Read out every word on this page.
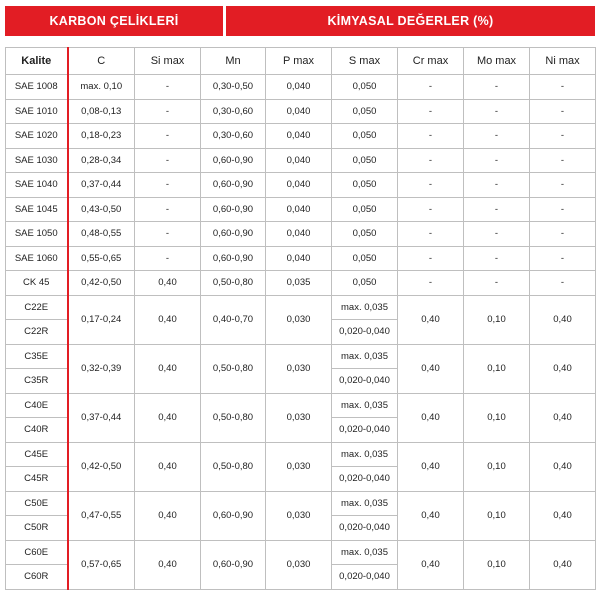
KARBON ÇELİKLERİ	KİMYASAL DEĞERLER (%)
Kalite	C	Si max	Mn	P max	S max	Cr max	Mo max	Ni max
SAE 1008	max. 0,10	-	0,30-0,50	0,040	0,050	-	-	-
SAE 1010	0,08-0,13	-	0,30-0,60	0,040	0,050	-	-	-
SAE 1020	0,18-0,23	-	0,30-0,60	0,040	0,050	-	-	-
SAE 1030	0,28-0,34	-	0,60-0,90	0,040	0,050	-	-	-
SAE 1040	0,37-0,44	-	0,60-0,90	0,040	0,050	-	-	-
SAE 1045	0,43-0,50	-	0,60-0,90	0,040	0,050	-	-	-
SAE 1050	0,48-0,55	-	0,60-0,90	0,040	0,050	-	-	-
SAE 1060	0,55-0,65	-	0,60-0,90	0,040	0,050	-	-	-
CK 45	0,42-0,50	0,40	0,50-0,80	0,035	0,050	-	-	-
C22E	0,17-0,24	0,40	0,40-0,70	0,030	max. 0,035	0,40	0,10	0,40
C22R					0,020-0,040			
C35E	0,32-0,39	0,40	0,50-0,80	0,030	max. 0,035	0,40	0,10	0,40
C35R					0,020-0,040			
C40E	0,37-0,44	0,40	0,50-0,80	0,030	max. 0,035	0,40	0,10	0,40
C40R					0,020-0,040			
C45E	0,42-0,50	0,40	0,50-0,80	0,030	max. 0,035	0,40	0,10	0,40
C45R					0,020-0,040			
C50E	0,47-0,55	0,40	0,60-0,90	0,030	max. 0,035	0,40	0,10	0,40
C50R					0,020-0,040			
C60E	0,57-0,65	0,40	0,60-0,90	0,030	max. 0,035	0,40	0,10	0,40
C60R					0,020-0,040			
